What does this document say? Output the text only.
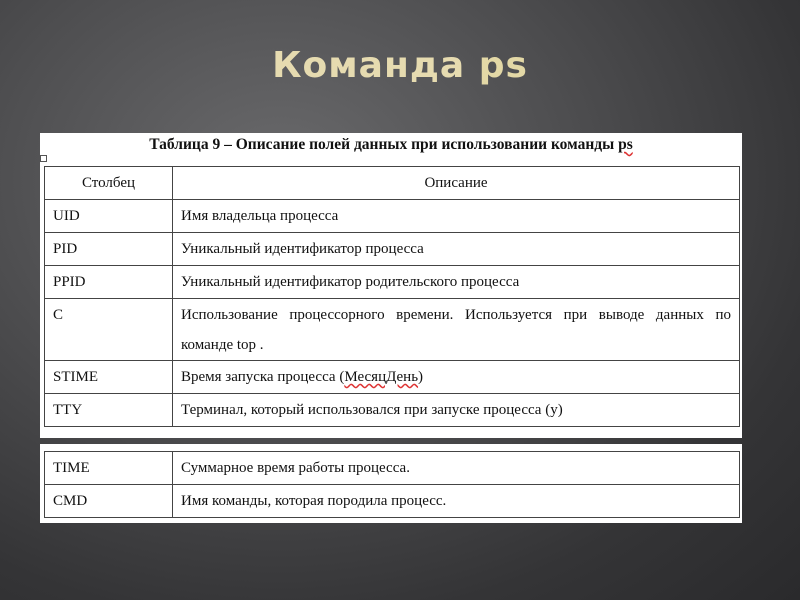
Команда ps
Таблица 9 – Описание полей данных при использовании команды ps
Столбец	Описание
UID	Имя владельца процесса
PID	Уникальный идентификатор процесса
PPID	Уникальный идентификатор родительского процесса
C	Использование процессорного времени. Используется при выводе данных по команде top .
STIME	Время запуска процесса (МесяцДень)
TTY	Терминал, который использовался при запуске процесса (y)
TIME	Суммарное время работы процесса.
CMD	Имя команды, которая породила процесс.
